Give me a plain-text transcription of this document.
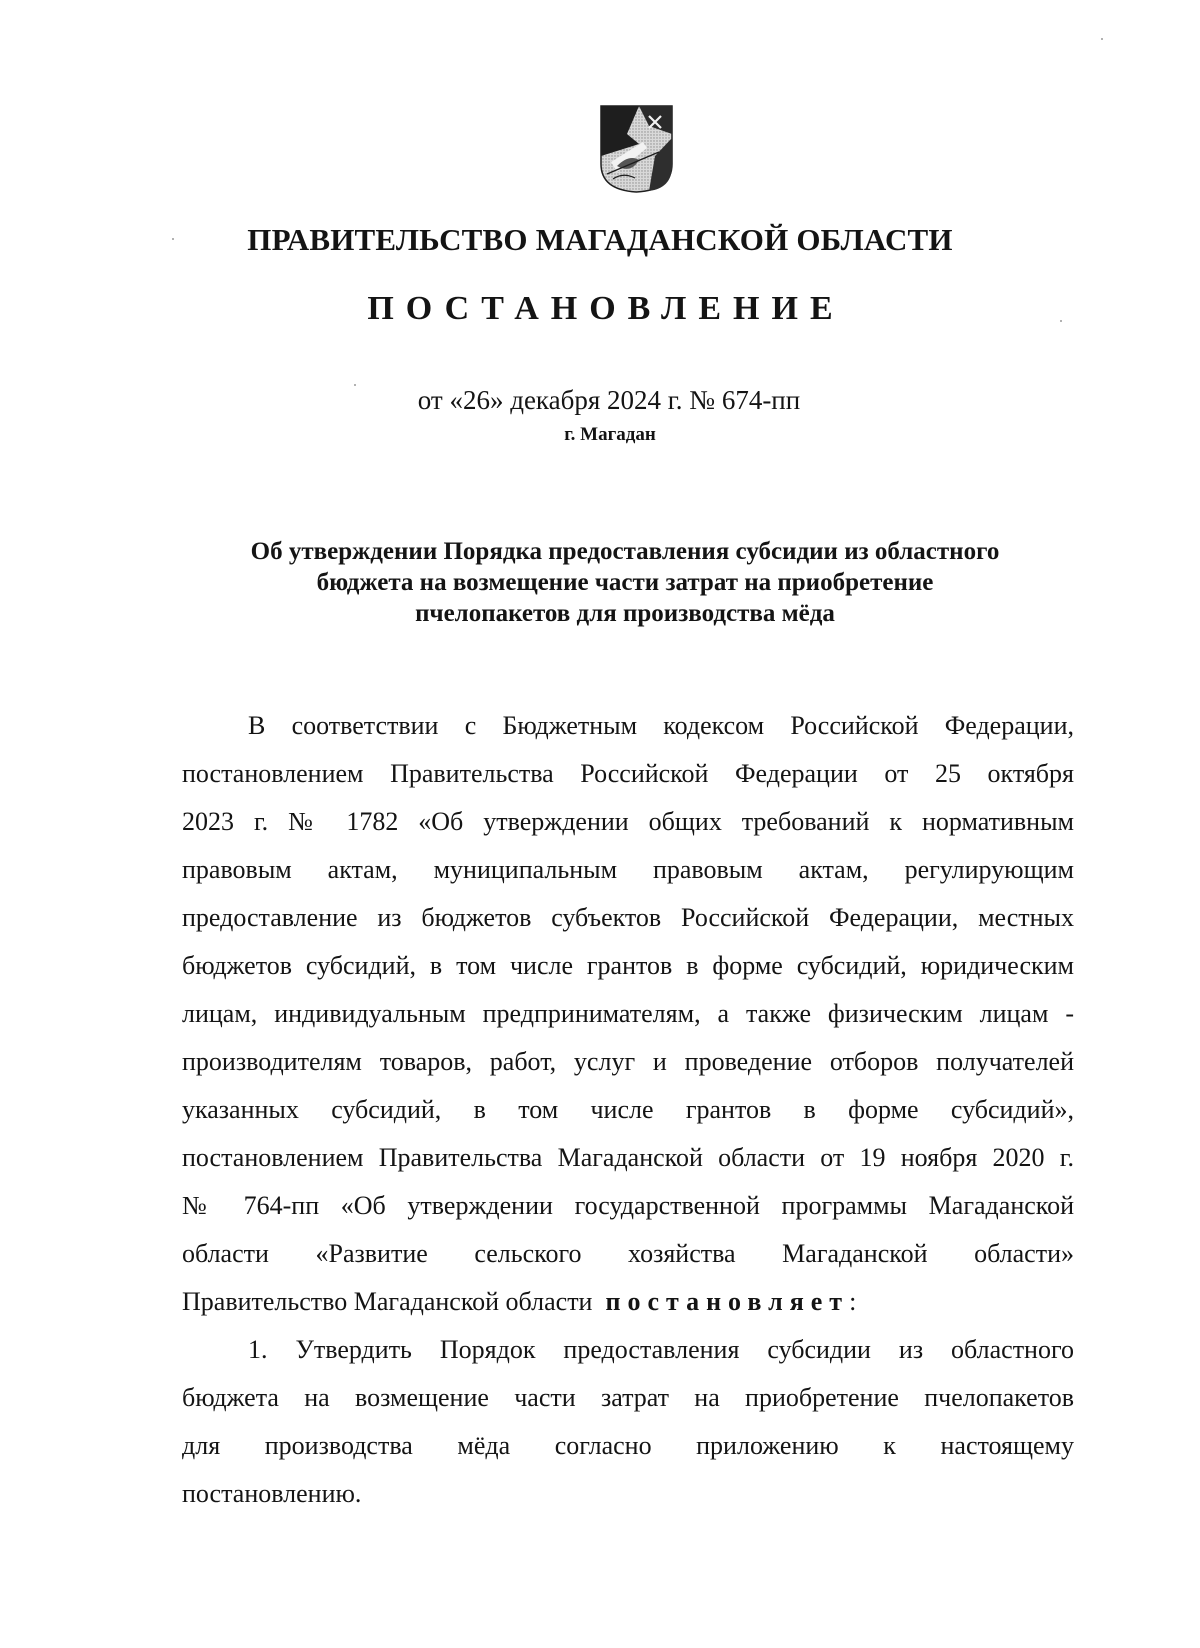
ПРАВИТЕЛЬСТВО МАГАДАНСКОЙ ОБЛАСТИ
ПОСТАНОВЛЕНИЕ
от «26» декабря 2024 г. № 674-пп
г. Магадан
Об утверждении Порядка предоставления субсидии из областного
бюджета на возмещение части затрат на приобретение
пчелопакетов для производства мёда
В соответствии с Бюджетным кодексом Российской Федерации,
постановлением Правительства Российской Федерации от 25 октября
2023 г. № 1782 «Об утверждении общих требований к нормативным
правовым актам, муниципальным правовым актам, регулирующим
предоставление из бюджетов субъектов Российской Федерации, местных
бюджетов субсидий, в том числе грантов в форме субсидий, юридическим
лицам, индивидуальным предпринимателям, а также физическим лицам -
производителям товаров, работ, услуг и проведение отборов получателей
указанных субсидий, в том числе грантов в форме субсидий»,
постановлением Правительства Магаданской области от 19 ноября 2020 г.
№ 764-пп «Об утверждении государственной программы Магаданской
области «Развитие сельского хозяйства Магаданской области»
Правительство Магаданской области постановляет:
1. Утвердить Порядок предоставления субсидии из областного
бюджета на возмещение части затрат на приобретение пчелопакетов
для производства мёда согласно приложению к настоящему
постановлению.
